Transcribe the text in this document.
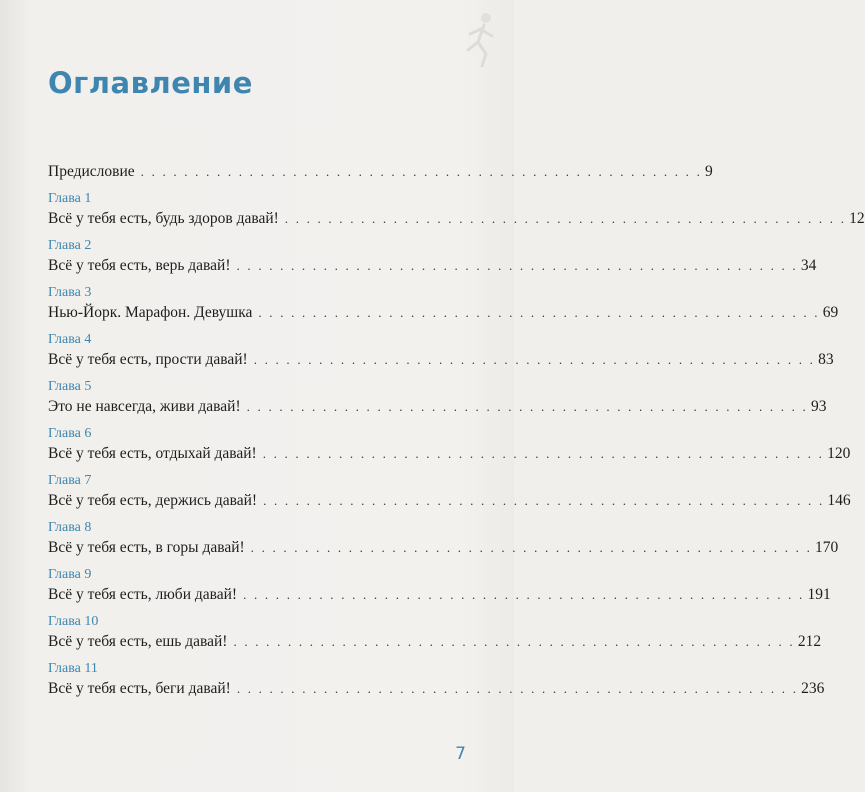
Оглавление
Предисловие . . . . . . . . . . . . . . . . . . . . . . . . . . . . . . . . . . . . . . . . . . . . . . . . . . . . 9
Глава 1
Всё у тебя есть, будь здоров давай! . . . . . . . . . . . . . . . . . . . . . . . . . . . . . . . . . . . . . . . . . . . . . . . . . . . . 12
Глава 2
Всё у тебя есть, верь давай! . . . . . . . . . . . . . . . . . . . . . . . . . . . . . . . . . . . . . . . . . . . . . . . . . . . . 34
Глава 3
Нью-Йорк. Марафон. Девушка . . . . . . . . . . . . . . . . . . . . . . . . . . . . . . . . . . . . . . . . . . . . . . . . . . . . 69
Глава 4
Всё у тебя есть, прости давай! . . . . . . . . . . . . . . . . . . . . . . . . . . . . . . . . . . . . . . . . . . . . . . . . . . . . 83
Глава 5
Это не навсегда, живи давай! . . . . . . . . . . . . . . . . . . . . . . . . . . . . . . . . . . . . . . . . . . . . . . . . . . . . 93
Глава 6
Всё у тебя есть, отдыхай давай! . . . . . . . . . . . . . . . . . . . . . . . . . . . . . . . . . . . . . . . . . . . . . . . . . . . . 120
Глава 7
Всё у тебя есть, держись давай! . . . . . . . . . . . . . . . . . . . . . . . . . . . . . . . . . . . . . . . . . . . . . . . . . . . . 146
Глава 8
Всё у тебя есть, в горы давай! . . . . . . . . . . . . . . . . . . . . . . . . . . . . . . . . . . . . . . . . . . . . . . . . . . . . 170
Глава 9
Всё у тебя есть, люби давай! . . . . . . . . . . . . . . . . . . . . . . . . . . . . . . . . . . . . . . . . . . . . . . . . . . . . 191
Глава 10
Всё у тебя есть, ешь давай! . . . . . . . . . . . . . . . . . . . . . . . . . . . . . . . . . . . . . . . . . . . . . . . . . . . . 212
Глава 11
Всё у тебя есть, беги давай! . . . . . . . . . . . . . . . . . . . . . . . . . . . . . . . . . . . . . . . . . . . . . . . . . . . . 236
7
